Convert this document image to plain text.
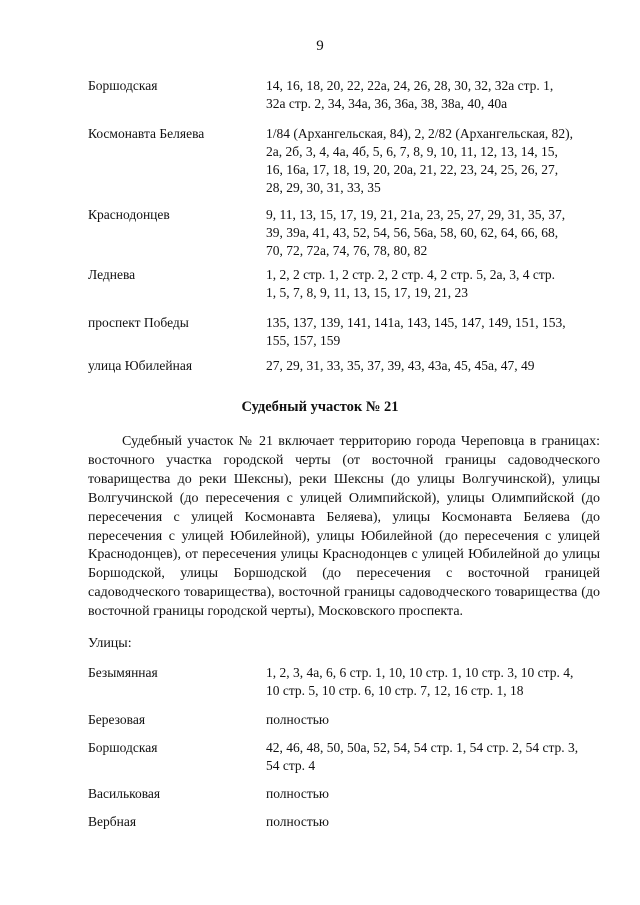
9
Боршодская	14, 16, 18, 20, 22, 22а, 24, 26, 28, 30, 32, 32а стр. 1,
32а стр. 2, 34, 34а, 36, 36а, 38, 38а, 40, 40а
Космонавта Беляева	1/84 (Архангельская, 84), 2, 2/82 (Архангельская, 82),
2а, 2б, 3, 4, 4а, 4б, 5, 6, 7, 8, 9, 10, 11, 12, 13, 14, 15,
16, 16а, 17, 18, 19, 20, 20а, 21, 22, 23, 24, 25, 26, 27,
28, 29, 30, 31, 33, 35
Краснодонцев	9, 11, 13, 15, 17, 19, 21, 21а, 23, 25, 27, 29, 31, 35, 37,
39, 39а, 41, 43, 52, 54, 56, 56а, 58, 60, 62, 64, 66, 68,
70, 72, 72а, 74, 76, 78, 80, 82
Леднева	1, 2, 2 стр. 1, 2 стр. 2, 2 стр. 4, 2 стр. 5, 2а, 3, 4 стр.
1, 5, 7, 8, 9, 11, 13, 15, 17, 19, 21, 23
проспект Победы	135, 137, 139, 141, 141а, 143, 145, 147, 149, 151, 153,
155, 157, 159
улица Юбилейная	27, 29, 31, 33, 35, 37, 39, 43, 43а, 45, 45а, 47, 49
Судебный участок № 21

Судебный участок № 21 включает территорию города Череповца в границах: восточного участка городской черты (от восточной границы садоводческого товарищества до реки Шексны), реки Шексны (до улицы Волгучинской), улицы Волгучинской (до пересечения с улицей Олимпийской), улицы Олимпийской (до пересечения с улицей Космонавта Беляева), улицы Космонавта Беляева (до пересечения с улицей Юбилейной), улицы Юбилейной (до пересечения с улицей Краснодонцев), от пересечения улицы Краснодонцев с улицей Юбилейной до улицы Боршодской, улицы Боршодской (до пересечения с восточной границей садоводческого товарищества), восточной границы садоводческого товарищества (до восточной границы городской черты), Московского проспекта.

Улицы:
Безымянная	1, 2, 3, 4а, 6, 6 стр. 1, 10, 10 стр. 1, 10 стр. 3, 10 стр. 4,
10 стр. 5, 10 стр. 6, 10 стр. 7, 12, 16 стр. 1, 18
Березовая	полностью
Боршодская	42, 46, 48, 50, 50а, 52, 54, 54 стр. 1, 54 стр. 2, 54 стр. 3,
54 стр. 4
Васильковая	полностью
Вербная	полностью
